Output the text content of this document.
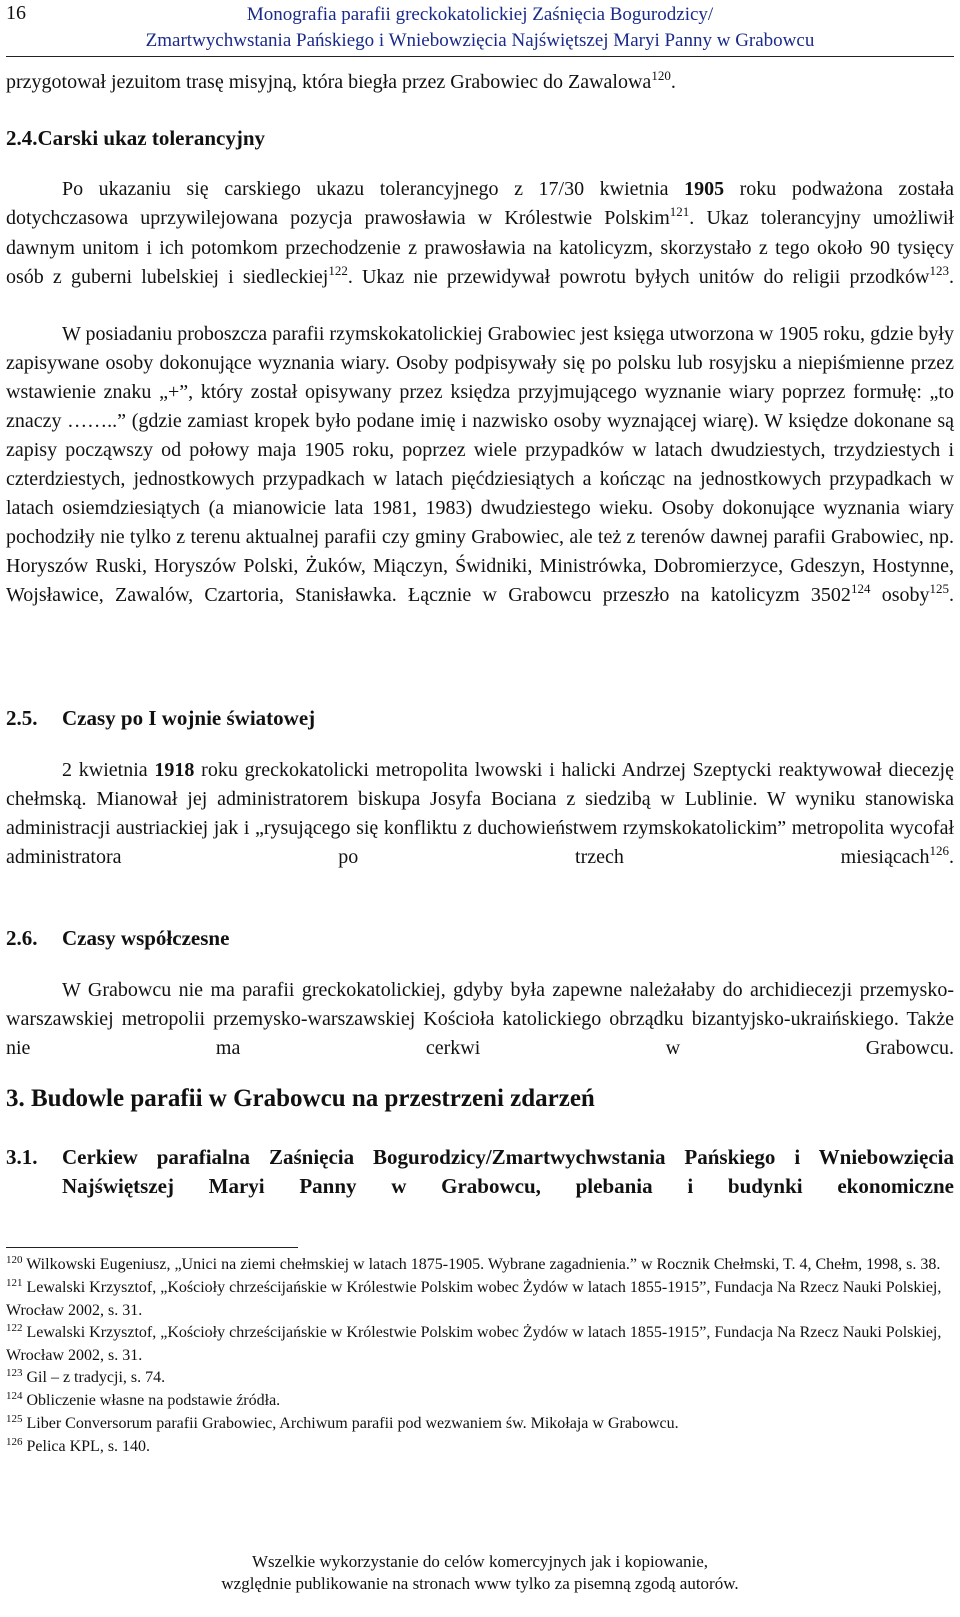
16	Monografia parafii greckokatolickiej Zaśnięcia Bogurodzicy/
Zmartwychwstania Pańskiego i Wniebowzięcia Najświętszej Maryi Panny w Grabowcu
przygotował jezuitom trasę misyjną, która biegła przez Grabowiec do Zawalowa$^{120}$.
2.4.Carski ukaz tolerancyjny
Po ukazaniu się carskiego ukazu tolerancyjnego z 17/30 kwietnia 1905 roku podważona została dotychczasowa uprzywilejowana pozycja prawosławia w Królestwie Polskim$^{121}$. Ukaz tolerancyjny umożliwił dawnym unitom i ich potomkom przechodzenie z prawosławia na katolicyzm, skorzystało z tego około 90 tysięcy osób z guberni lubelskiej i siedleckiej$^{122}$. Ukaz nie przewidywał powrotu byłych unitów do religii przodków$^{123}$.
W posiadaniu proboszcza parafii rzymskokatolickiej Grabowiec jest księga utworzona w 1905 roku, gdzie były zapisywane osoby dokonujące wyznania wiary. Osoby podpisywały się po polsku lub rosyjsku a niepiśmienne przez wstawienie znaku „+”, który został opisywany przez księdza przyjmującego wyznanie wiary poprzez formułę: „to znaczy ……..” (gdzie zamiast kropek było podane imię i nazwisko osoby wyznającej wiarę). W księdze dokonane są zapisy począwszy od połowy maja 1905 roku, poprzez wiele przypadków w latach dwudziestych, trzydziestych i czterdziestych, jednostkowych przypadkach w latach pięćdziesiątych a kończąc na jednostkowych przypadkach w latach osiemdziesiątych (a mianowicie lata 1981, 1983) dwudziestego wieku. Osoby dokonujące wyznania wiary pochodziły nie tylko z terenu aktualnej parafii czy gminy Grabowiec, ale też z terenów dawnej parafii Grabowiec, np. Horyszów Ruski, Horyszów Polski, Żuków, Miączyn, Świdniki, Ministrówka, Dobromierzyce, Gdeszyn, Hostynne, Wojsławice, Zawalów, Czartoria, Stanisławka. Łącznie w Grabowcu przeszło na katolicyzm 3502$^{124}$ osoby$^{125}$.
2.5. Czasy po I wojnie światowej
2 kwietnia 1918 roku greckokatolicki metropolita lwowski i halicki Andrzej Szeptycki reaktywował diecezję chełmską. Mianował jej administratorem biskupa Josyfa Bociana z siedzibą w Lublinie. W wyniku stanowiska administracji austriackiej jak i „rysującego się konfliktu z duchowieństwem rzymskokatolickim” metropolita wycofał administratora po trzech miesiącach$^{126}$.
2.6. Czasy współczesne
W Grabowcu nie ma parafii greckokatolickiej, gdyby była zapewne należałaby do archidiecezji przemysko-warszawskiej metropolii przemysko-warszawskiej Kościoła katolickiego obrządku bizantyjsko-ukraińskiego. Także nie ma cerkwi w Grabowcu.
3. Budowle parafii w Grabowcu na przestrzeni zdarzeń
3.1. Cerkiew parafialna Zaśnięcia Bogurodzicy/Zmartwychwstania Pańskiego i Wniebowzięcia Najświętszej Maryi Panny w Grabowcu, plebania i budynki ekonomiczne

$^{120}$ Wilkowski Eugeniusz, „Unici na ziemi chełmskiej w latach 1875-1905. Wybrane zagadnienia.” w Rocznik Chełmski, T. 4, Chełm, 1998, s. 38.

$^{121}$ Lewalski Krzysztof, „Kościoły chrześcijańskie w Królestwie Polskim wobec Żydów w latach 1855-1915”, Fundacja Na Rzecz Nauki Polskiej, Wrocław 2002, s. 31.

$^{122}$ Lewalski Krzysztof, „Kościoły chrześcijańskie w Królestwie Polskim wobec Żydów w latach 1855-1915”, Fundacja Na Rzecz Nauki Polskiej, Wrocław 2002, s. 31.

$^{123}$ Gil – z tradycji, s. 74.

$^{124}$ Obliczenie własne na podstawie źródła.

$^{125}$ Liber Conversorum parafii Grabowiec, Archiwum parafii pod wezwaniem św. Mikołaja w Grabowcu.

$^{126}$ Pelica KPL, s. 140.

Wszelkie wykorzystanie do celów komercyjnych jak i kopiowanie,
względnie publikowanie na stronach www tylko za pisemną zgodą autorów.
